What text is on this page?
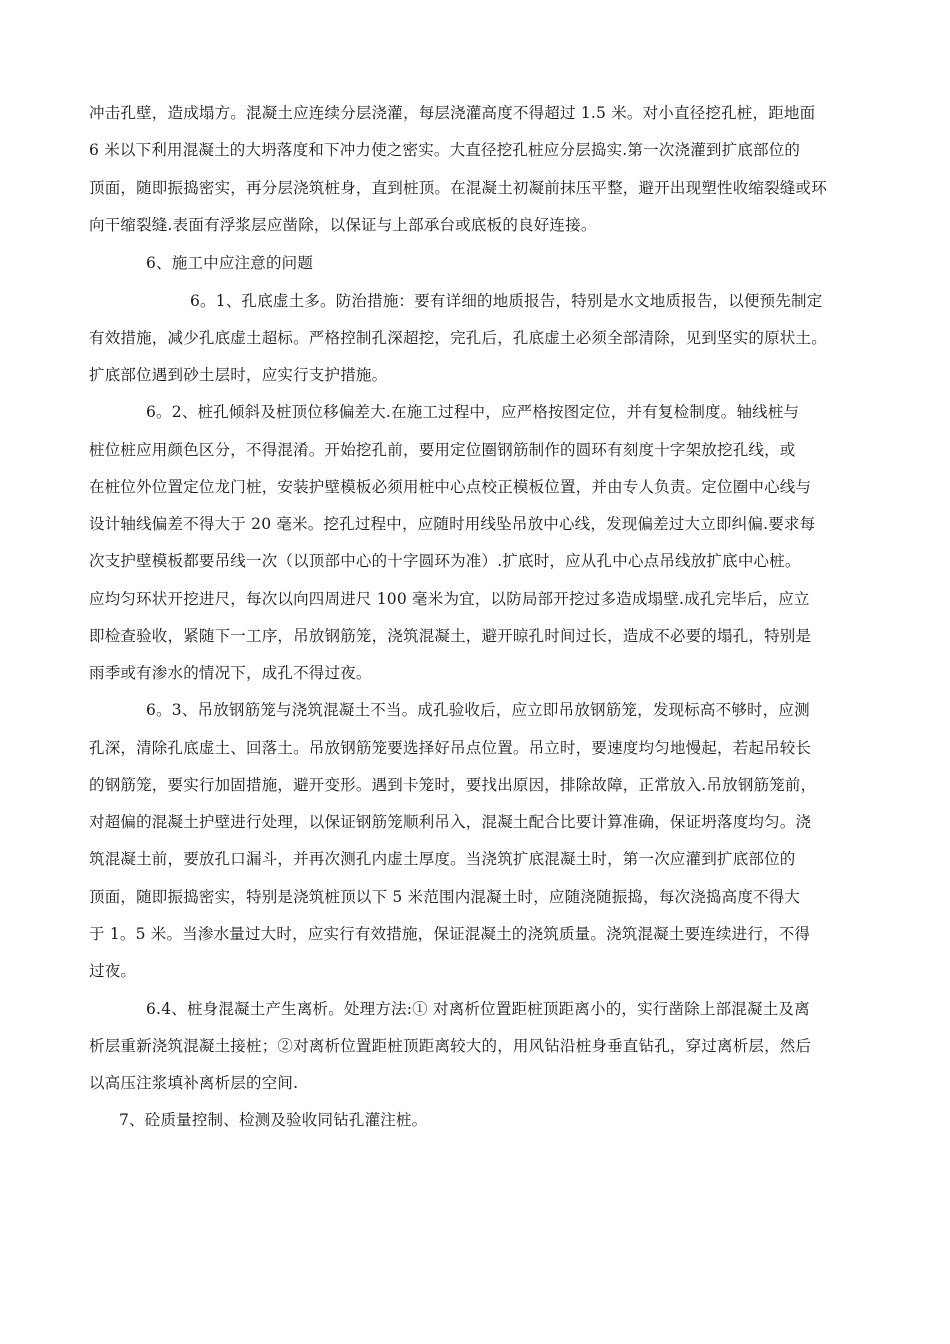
冲击孔壁，造成塌方。混凝土应连续分层浇灌，每层浇灌高度不得超过 1.5 米。对小直径挖孔桩，距地面
6 米以下利用混凝土的大坍落度和下冲力使之密实。大直径挖孔桩应分层捣实.第一次浇灌到扩底部位的
顶面，随即振捣密实，再分层浇筑桩身，直到桩顶。在混凝土初凝前抹压平整，避开出现塑性收缩裂缝或环
向干缩裂缝.表面有浮浆层应凿除，以保证与上部承台或底板的良好连接。
6、施工中应注意的问题
6。1、孔底虚土多。防治措施：要有详细的地质报告，特别是水文地质报告，以便预先制定
有效措施，减少孔底虚土超标。严格控制孔深超挖，完孔后，孔底虚土必须全部清除，见到坚实的原状土。
扩底部位遇到砂土层时，应实行支护措施。
6。2、桩孔倾斜及桩顶位移偏差大.在施工过程中，应严格按图定位，并有复检制度。轴线桩与
桩位桩应用颜色区分，不得混淆。开始挖孔前，要用定位圈钢筋制作的圆环有刻度十字架放挖孔线，或
在桩位外位置定位龙门桩，安装护壁模板必须用桩中心点校正模板位置，并由专人负责。定位圈中心线与
设计轴线偏差不得大于 20 毫米。挖孔过程中，应随时用线坠吊放中心线，发现偏差过大立即纠偏.要求每
次支护壁模板都要吊线一次（以顶部中心的十字圆环为准）.扩底时，应从孔中心点吊线放扩底中心桩。
应均匀环状开挖进尺，每次以向四周进尺 100 毫米为宜，以防局部开挖过多造成塌壁.成孔完毕后，应立
即检查验收，紧随下一工序，吊放钢筋笼，浇筑混凝土，避开晾孔时间过长，造成不必要的塌孔，特别是
雨季或有渗水的情况下，成孔不得过夜。
6。3、吊放钢筋笼与浇筑混凝土不当。成孔验收后，应立即吊放钢筋笼，发现标高不够时，应测
孔深，清除孔底虚土、回落土。吊放钢筋笼要选择好吊点位置。吊立时，要速度均匀地慢起，若起吊较长
的钢筋笼，要实行加固措施，避开变形。遇到卡笼时，要找出原因，排除故障，正常放入.吊放钢筋笼前，
对超偏的混凝土护壁进行处理，以保证钢筋笼顺利吊入，混凝土配合比要计算准确，保证坍落度均匀。浇
筑混凝土前，要放孔口漏斗，并再次测孔内虚土厚度。当浇筑扩底混凝土时，第一次应灌到扩底部位的
顶面，随即振捣密实，特别是浇筑桩顶以下 5 米范围内混凝土时，应随浇随振捣，每次浇捣高度不得大
于 1。5 米。当渗水量过大时，应实行有效措施，保证混凝土的浇筑质量。浇筑混凝土要连续进行，不得
过夜。
6.4、桩身混凝土产生离析。处理方法:① 对离析位置距桩顶距离小的，实行凿除上部混凝土及离
析层重新浇筑混凝土接桩；②对离析位置距桩顶距离较大的，用风钻沿桩身垂直钻孔，穿过离析层，然后
以高压注浆填补离析层的空间.
7、砼质量控制、检测及验收同钻孔灌注桩。
